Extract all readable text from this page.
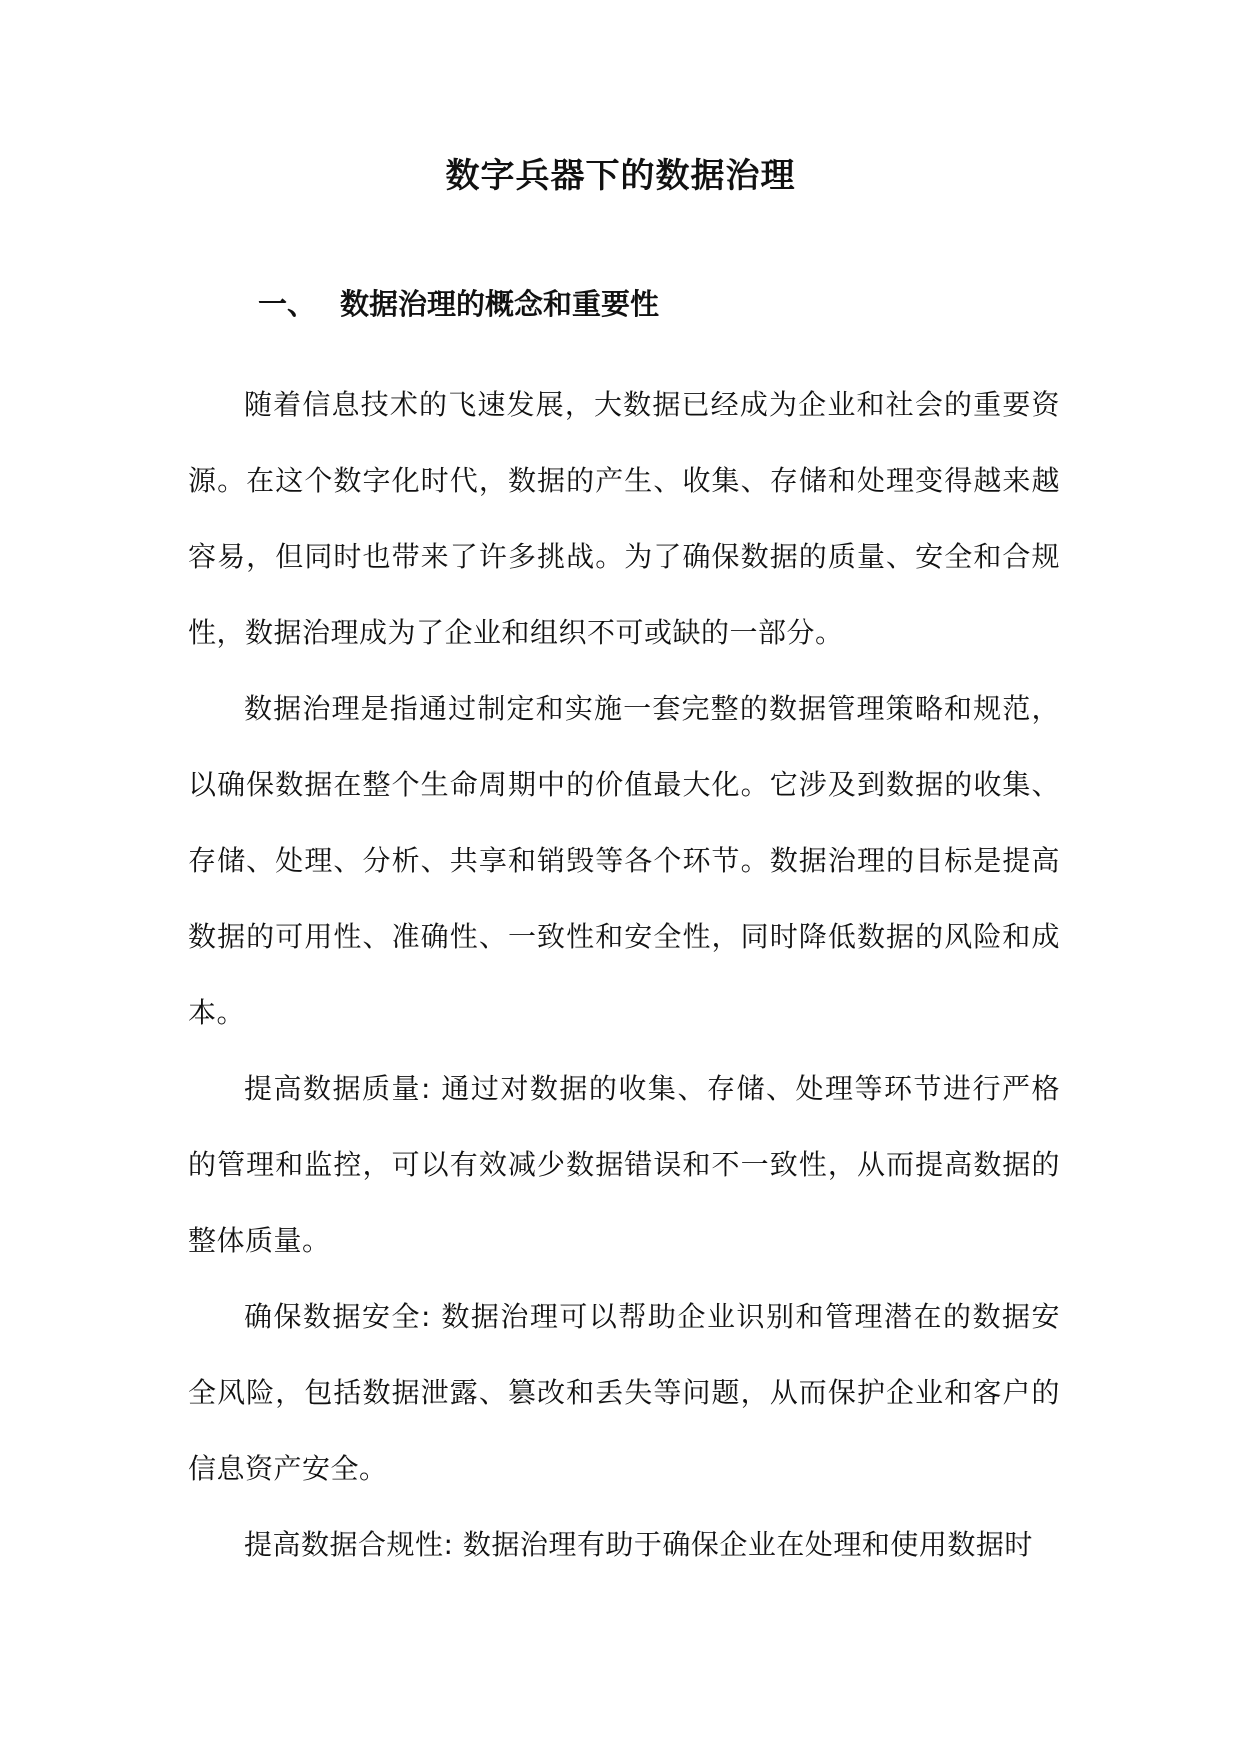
数字兵器下的数据治理
一、 数据治理的概念和重要性

随着信息技术的飞速发展，大数据已经成为企业和社会的重要资源。在这个数字化时代，数据的产生、收集、存储和处理变得越来越容易，但同时也带来了许多挑战。为了确保数据的质量、安全和合规性，数据治理成为了企业和组织不可或缺的一部分。

数据治理是指通过制定和实施一套完整的数据管理策略和规范，以确保数据在整个生命周期中的价值最大化。它涉及到数据的收集、存储、处理、分析、共享和销毁等各个环节。数据治理的目标是提高数据的可用性、准确性、一致性和安全性，同时降低数据的风险和成本。

提高数据质量: 通过对数据的收集、存储、处理等环节进行严格的管理和监控，可以有效减少数据错误和不一致性，从而提高数据的整体质量。

确保数据安全: 数据治理可以帮助企业识别和管理潜在的数据安全风险，包括数据泄露、篡改和丢失等问题，从而保护企业和客户的信息资产安全。

提高数据合规性: 数据治理有助于确保企业在处理和使用数据时
